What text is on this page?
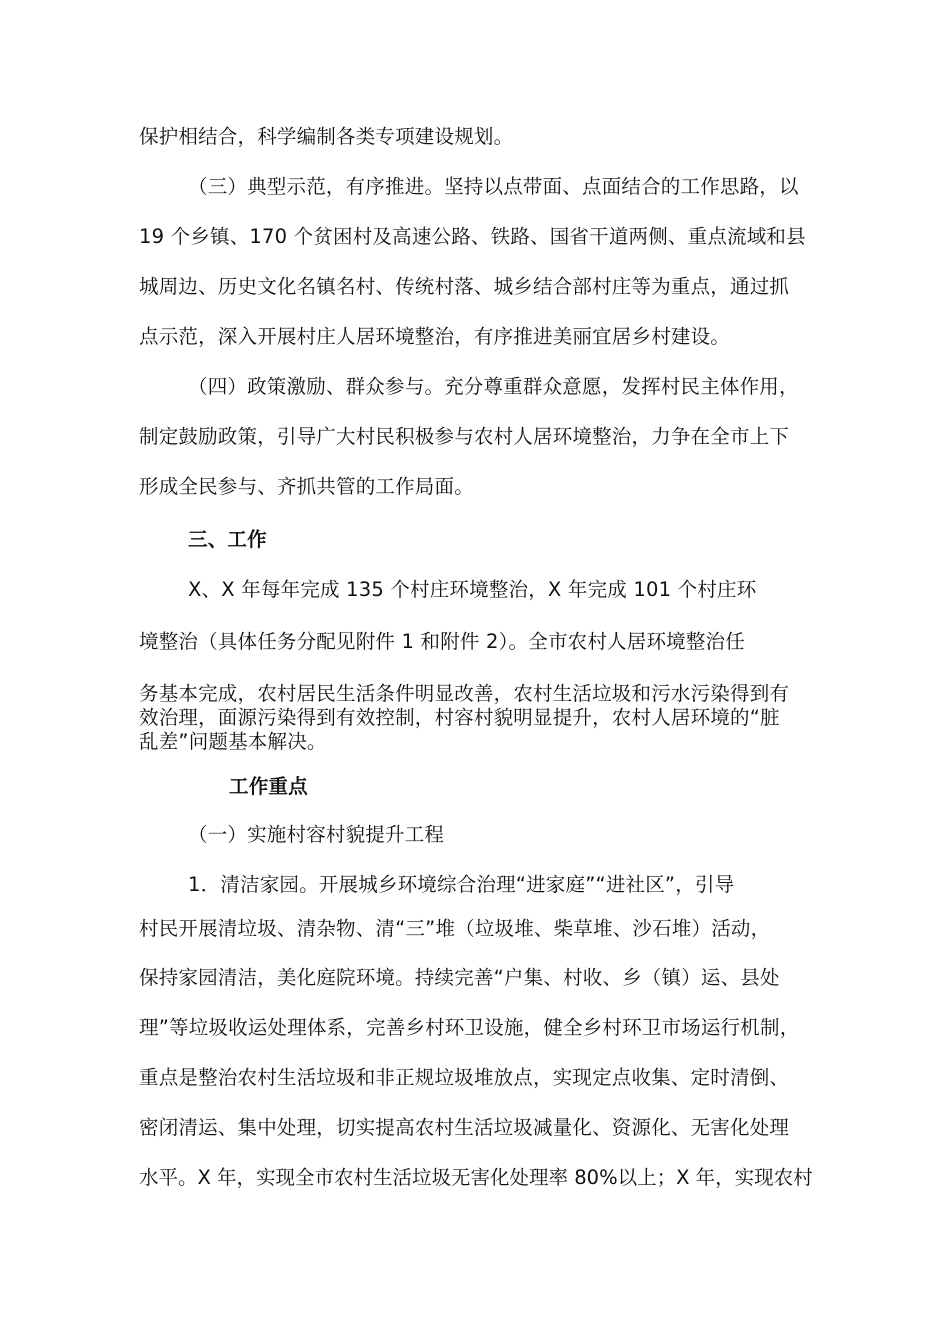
保护相结合，科学编制各类专项建设规划。
（三）典型示范，有序推进。坚持以点带面、点面结合的工作思路，以
19 个乡镇、170 个贫困村及高速公路、铁路、国省干道两侧、重点流域和县
城周边、历史文化名镇名村、传统村落、城乡结合部村庄等为重点，通过抓
点示范，深入开展村庄人居环境整治，有序推进美丽宜居乡村建设。
（四）政策激励、群众参与。充分尊重群众意愿，发挥村民主体作用，
制定鼓励政策，引导广大村民积极参与农村人居环境整治，力争在全市上下
形成全民参与、齐抓共管的工作局面。
三、工作
X、X 年每年完成 135 个村庄环境整治，X 年完成 101 个村庄环
境整治（具体任务分配见附件 1 和附件 2）。全市农村人居环境整治任
务基本完成，农村居民生活条件明显改善，农村生活垃圾和污水污染得到有
效治理，面源污染得到有效控制，村容村貌明显提升，农村人居环境的“脏
乱差”问题基本解决。
工作重点
（一）实施村容村貌提升工程
1．清洁家园。开展城乡环境综合治理“进家庭”“进社区”，引导
村民开展清垃圾、清杂物、清“三”堆（垃圾堆、柴草堆、沙石堆）活动，
保持家园清洁，美化庭院环境。持续完善“户集、村收、乡（镇）运、县处
理”等垃圾收运处理体系，完善乡村环卫设施，健全乡村环卫市场运行机制，
重点是整治农村生活垃圾和非正规垃圾堆放点，实现定点收集、定时清倒、
密闭清运、集中处理，切实提高农村生活垃圾减量化、资源化、无害化处理
水平。X 年，实现全市农村生活垃圾无害化处理率 80%以上；X 年，实现农村
